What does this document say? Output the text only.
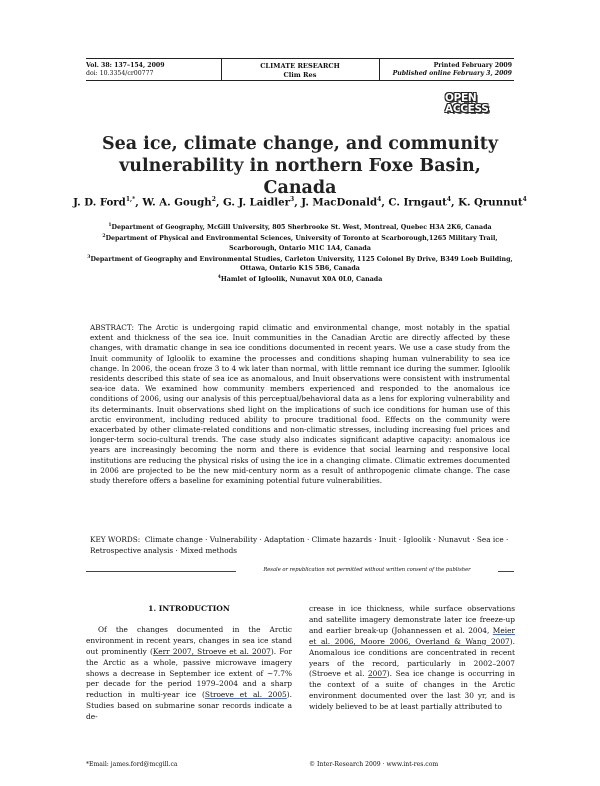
Vol. 38: 137–154, 2009
doi: 10.3354/cr00777
CLIMATE RESEARCH
Clim Res
Printed February 2009
Published online February 3, 2009
OPEN
ACCESS
Sea ice, climate change, and community
vulnerability in northern Foxe Basin, Canada
J. D. Ford$^{1,*}$, W. A. Gough$^2$, G. J. Laidler$^3$, J. MacDonald$^4$, C. Irngaut$^4$, K. Qrunnut$^4$
$^1$Department of Geography, McGill University, 805 Sherbrooke St. West, Montreal, Quebec H3A 2K6, Canada
$^2$Department of Physical and Environmental Sciences, University of Toronto at Scarborough,1265 Military Trail, Scarborough, Ontario M1C 1A4, Canada
$^3$Department of Geography and Environmental Studies, Carleton University, 1125 Colonel By Drive, B349 Loeb Building, Ottawa, Ontario K1S 5B6, Canada
$^4$Hamlet of Igloolik, Nunavut X0A 0L0, Canada
ABSTRACT: The Arctic is undergoing rapid climatic and environmental change, most notably in the spatial extent and thickness of the sea ice. Inuit communities in the Canadian Arctic are directly affected by these changes, with dramatic change in sea ice conditions documented in recent years. We use a case study from the Inuit community of Igloolik to examine the processes and conditions shaping human vulnerability to sea ice change. In 2006, the ocean froze 3 to 4 wk later than normal, with little remnant ice during the summer. Igloolik residents described this state of sea ice as anomalous, and Inuit observations were consistent with instrumental sea-ice data. We examined how community members experienced and responded to the anomalous ice conditions of 2006, using our analysis of this perceptual/behavioral data as a lens for exploring vulnerability and its determinants. Inuit observations shed light on the implications of such ice conditions for human use of this arctic environment, including reduced ability to procure traditional food. Effects on the community were exacerbated by other climate-related conditions and non-climatic stresses, including increasing fuel prices and longer-term socio-cultural trends. The case study also indicates significant adaptive capacity: anomalous ice years are increasingly becoming the norm and there is evidence that social learning and responsive local institutions are reducing the physical risks of using the ice in a changing climate. Climatic extremes documented in 2006 are projected to be the new mid-century norm as a result of anthropogenic climate change. The case study therefore offers a baseline for examining potential future vulnerabilities.
KEY WORDS: Climate change · Vulnerability · Adaptation · Climate hazards · Inuit · Igloolik · Nunavut · Sea ice · Retrospective analysis · Mixed methods
Resale or republication not permitted without written consent of the publisher
1. INTRODUCTION

Of the changes documented in the Arctic environment in recent years, changes in sea ice stand out prominently (Kerr 2007, Stroeve et al. 2007). For the Arctic as a whole, passive microwave imagery shows a decrease in September ice extent of ~7.7% per decade for the period 1979–2004 and a sharp reduction in multi-year ice (Stroeve et al. 2005). Studies based on submarine sonar records indicate a de-

crease in ice thickness, while surface observations and satellite imagery demonstrate later ice freeze-up and earlier break-up (Johannessen et al. 2004, Meier et al. 2006, Moore 2006, Overland & Wang 2007). Anomalous ice conditions are concentrated in recent years of the record, particularly in 2002–2007 (Stroeve et al. 2007). Sea ice change is occurring in the context of a suite of changes in the Arctic environment documented over the last 30 yr, and is widely believed to be at least partially attributed to

*Email: james.ford@mcgill.ca	© Inter-Research 2009 · www.int-res.com
